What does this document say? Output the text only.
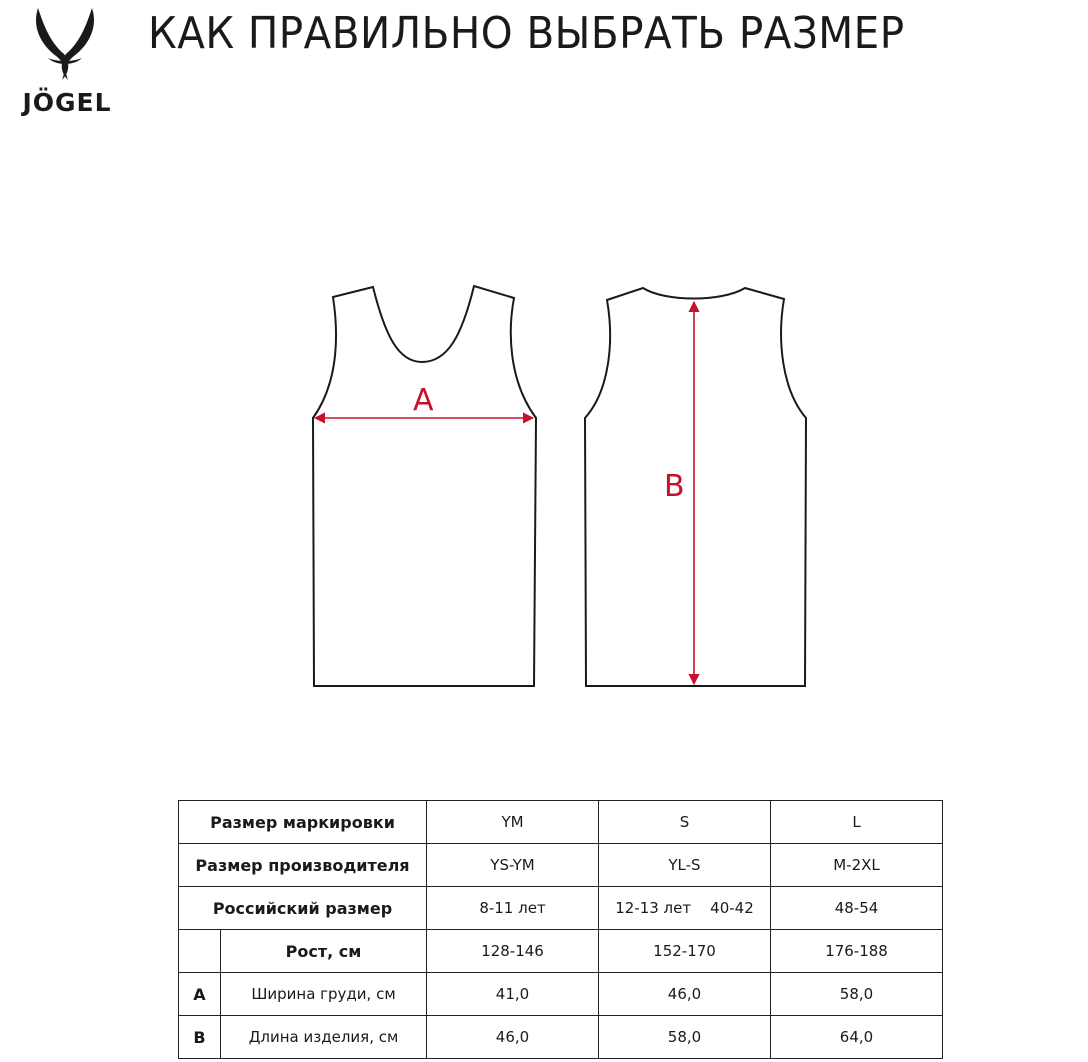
JÖGEL
КАК ПРАВИЛЬНО ВЫБРАТЬ РАЗМЕР
A
B
Размер маркировки		YM	S	L
Размер производителя		YS-YM	YL-S	M-2XL
Российский размер		8-11 лет	12-13 лет    40-42	48-54
	Рост, см	128-146	152-170	176-188
A	Ширина груди, см	41,0	46,0	58,0
B	Длина изделия, см	46,0	58,0	64,0
